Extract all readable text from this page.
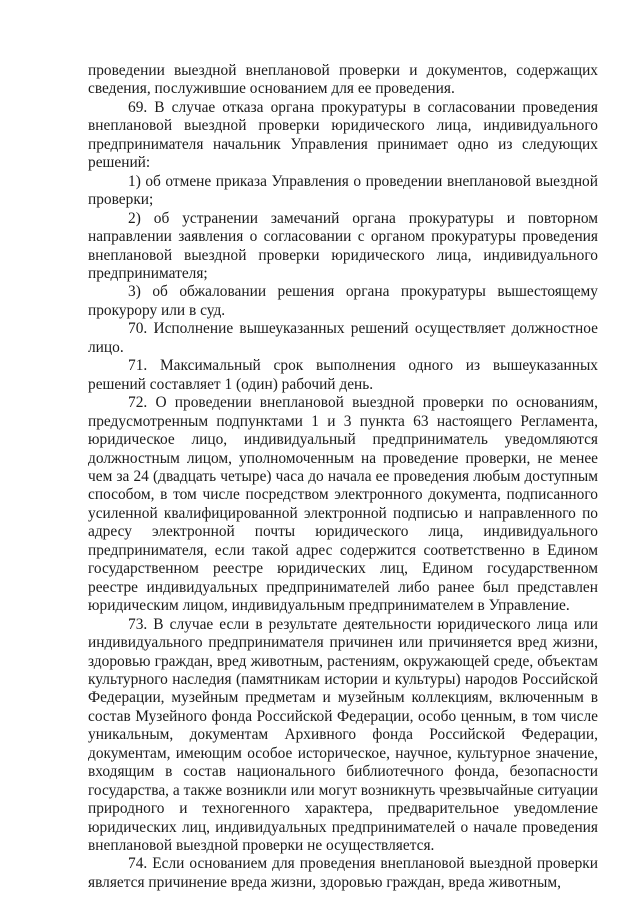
проведении выездной внеплановой проверки и документов, содержащих сведения, послужившие основанием для ее проведения.

69. В случае отказа органа прокуратуры в согласовании проведения внеплановой выездной проверки юридического лица, индивидуального предпринимателя начальник Управления принимает одно из следующих решений:

1) об отмене приказа Управления о проведении внеплановой выездной проверки;

2) об устранении замечаний органа прокуратуры и повторном направлении заявления о согласовании с органом прокуратуры проведения внеплановой выездной проверки юридического лица, индивидуального предпринимателя;

3) об обжаловании решения органа прокуратуры вышестоящему прокурору или в суд.

70. Исполнение вышеуказанных решений осуществляет должностное лицо.

71. Максимальный срок выполнения одного из вышеуказанных решений составляет 1 (один) рабочий день.

72. О проведении внеплановой выездной проверки по основаниям, предусмотренным подпунктами 1 и 3 пункта 63 настоящего Регламента, юридическое лицо, индивидуальный предприниматель уведомляются должностным лицом, уполномоченным на проведение проверки, не менее чем за 24 (двадцать четыре) часа до начала ее проведения любым доступным способом, в том числе посредством электронного документа, подписанного усиленной квалифицированной электронной подписью и направленного по адресу электронной почты юридического лица, индивидуального предпринимателя, если такой адрес содержится соответственно в Едином государственном реестре юридических лиц, Едином государственном реестре индивидуальных предпринимателей либо ранее был представлен юридическим лицом, индивидуальным предпринимателем в Управление.

73. В случае если в результате деятельности юридического лица или индивидуального предпринимателя причинен или причиняется вред жизни, здоровью граждан, вред животным, растениям, окружающей среде, объектам культурного наследия (памятникам истории и культуры) народов Российской Федерации, музейным предметам и музейным коллекциям, включенным в состав Музейного фонда Российской Федерации, особо ценным, в том числе уникальным, документам Архивного фонда Российской Федерации, документам, имеющим особое историческое, научное, культурное значение, входящим в состав национального библиотечного фонда, безопасности государства, а также возникли или могут возникнуть чрезвычайные ситуации природного и техногенного характера, предварительное уведомление юридических лиц, индивидуальных предпринимателей о начале проведения внеплановой выездной проверки не осуществляется.

74. Если основанием для проведения внеплановой выездной проверки является причинение вреда жизни, здоровью граждан, вреда животным,
